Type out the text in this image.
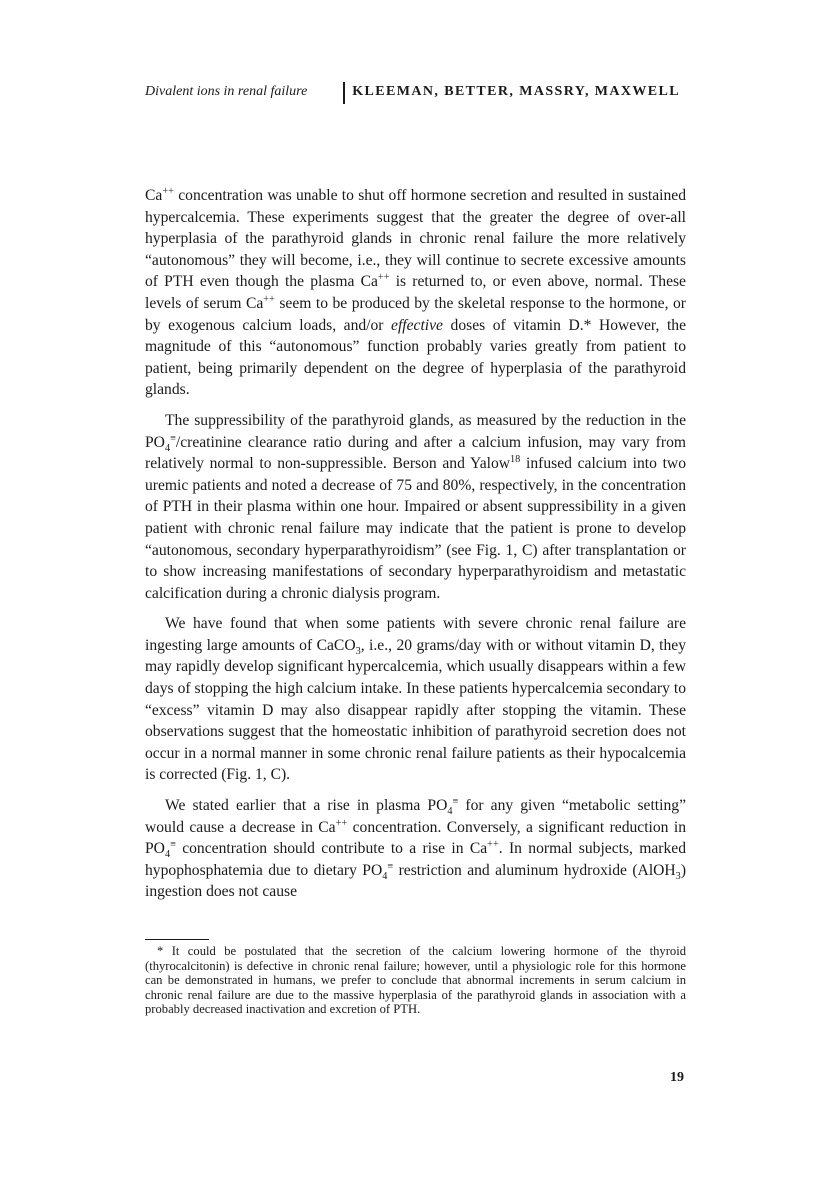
Divalent ions in renal failure	KLEEMAN, BETTER, MASSRY, MAXWELL

Ca++ concentration was unable to shut off hormone secretion and resulted in sustained hypercalcemia. These experiments suggest that the greater the degree of over-all hyperplasia of the parathyroid glands in chronic renal failure the more relatively “autonomous” they will become, i.e., they will continue to secrete excessive amounts of PTH even though the plasma Ca++ is returned to, or even above, normal. These levels of serum Ca++ seem to be produced by the skeletal response to the hormone, or by exogenous calcium loads, and/or effective doses of vitamin D.* However, the magnitude of this “autonomous” function probably varies greatly from patient to patient, being primarily dependent on the degree of hyperplasia of the parathyroid glands.

The suppressibility of the parathyroid glands, as measured by the reduction in the $PO_4^\equiv$/creatinine clearance ratio during and after a calcium infusion, may vary from relatively normal to non-suppressible. Berson and Yalow$^{18}$ infused calcium into two uremic patients and noted a decrease of 75 and 80%, respectively, in the concentration of PTH in their plasma within one hour. Impaired or absent suppressibility in a given patient with chronic renal failure may indicate that the patient is prone to develop “autonomous, secondary hyperparathyroidism” (see Fig. 1, C) after transplantation or to show increasing manifestations of secondary hyperparathyroidism and metastatic calcification during a chronic dialysis program.

We have found that when some patients with severe chronic renal failure are ingesting large amounts of CaCO$_3$, i.e., 20 grams/day with or without vitamin D, they may rapidly develop significant hypercalcemia, which usually disappears within a few days of stopping the high calcium intake. In these patients hypercalcemia secondary to “excess” vitamin D may also disappear rapidly after stopping the vitamin. These observations suggest that the homeostatic inhibition of parathyroid secretion does not occur in a normal manner in some chronic renal failure patients as their hypocalcemia is corrected (Fig. 1, C).

We stated earlier that a rise in plasma $PO_4^\equiv$ for any given “metabolic setting” would cause a decrease in Ca++ concentration. Conversely, a significant reduction in $PO_4^\equiv$ concentration should contribute to a rise in Ca++. In normal subjects, marked hypophosphatemia due to dietary $PO_4^\equiv$ restriction and aluminum hydroxide (AlOH$_3$) ingestion does not cause

* It could be postulated that the secretion of the calcium lowering hormone of the thyroid (thyrocalcitonin) is defective in chronic renal failure; however, until a physiologic role for this hormone can be demonstrated in humans, we prefer to conclude that abnormal increments in serum calcium in chronic renal failure are due to the massive hyperplasia of the parathyroid glands in association with a probably decreased inactivation and excretion of PTH.
19
